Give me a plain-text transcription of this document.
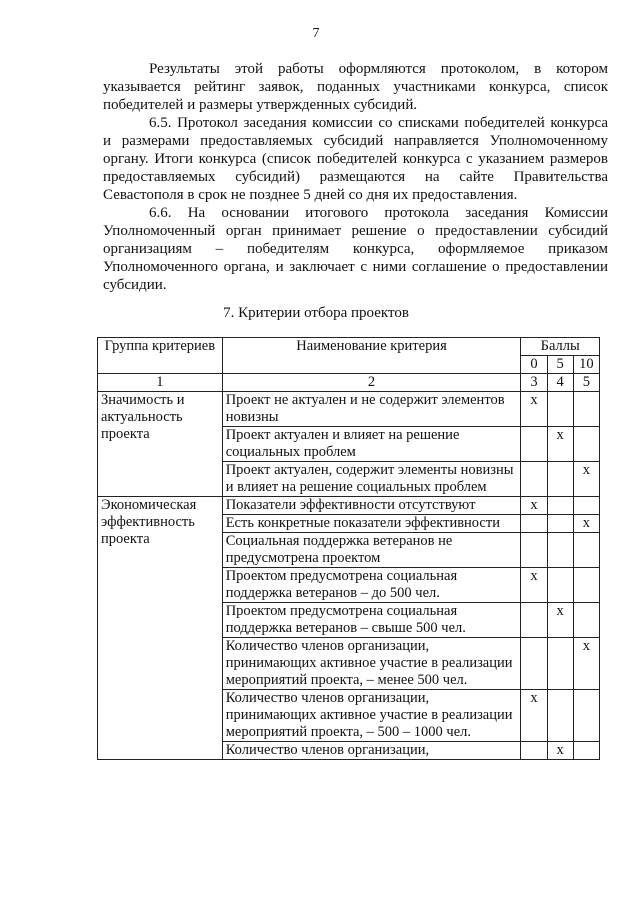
7

Результаты этой работы оформляются протоколом, в котором
указывается рейтинг заявок, поданных участниками конкурса, список
победителей и размеры утвержденных субсидий.

6.5. Протокол заседания комиссии со списками победителей конкурса
и размерами предоставляемых субсидий направляется Уполномоченному
органу. Итоги конкурса (список победителей конкурса с указанием размеров
предоставляемых субсидий) размещаются на сайте Правительства
Севастополя в срок не позднее 5 дней со дня их предоставления.

6.6. На основании итогового протокола заседания Комиссии
Уполномоченный орган принимает решение о предоставлении субсидий
организациям – победителям конкурса, оформляемое приказом
Уполномоченного органа, и заключает с ними соглашение о предоставлении
субсидии.

7. Критерии отбора проектов
Группа критериев	Наименование критерия	Баллы		
		0	5	10
1	2	3	4	5
Значимость и актуальность проекта	Проект не актуален и не содержит элементов новизны	x		
	Проект актуален и влияет на решение социальных проблем		x	
	Проект актуален, содержит элементы новизны и влияет на решение социальных проблем			x
Экономическая эффективность проекта	Показатели эффективности отсутствуют	x		
	Есть конкретные показатели эффективности			x
	Социальная поддержка ветеранов не предусмотрена проектом			
	Проектом предусмотрена социальная поддержка ветеранов – до 500 чел.	x		
	Проектом предусмотрена социальная поддержка ветеранов – свыше 500 чел.		x	
	Количество членов организации, принимающих активное участие в реализации мероприятий проекта, – менее 500 чел.			x
	Количество членов организации, принимающих активное участие в реализации мероприятий проекта, – 500 – 1000 чел.	x		
	Количество членов организации,		x	
